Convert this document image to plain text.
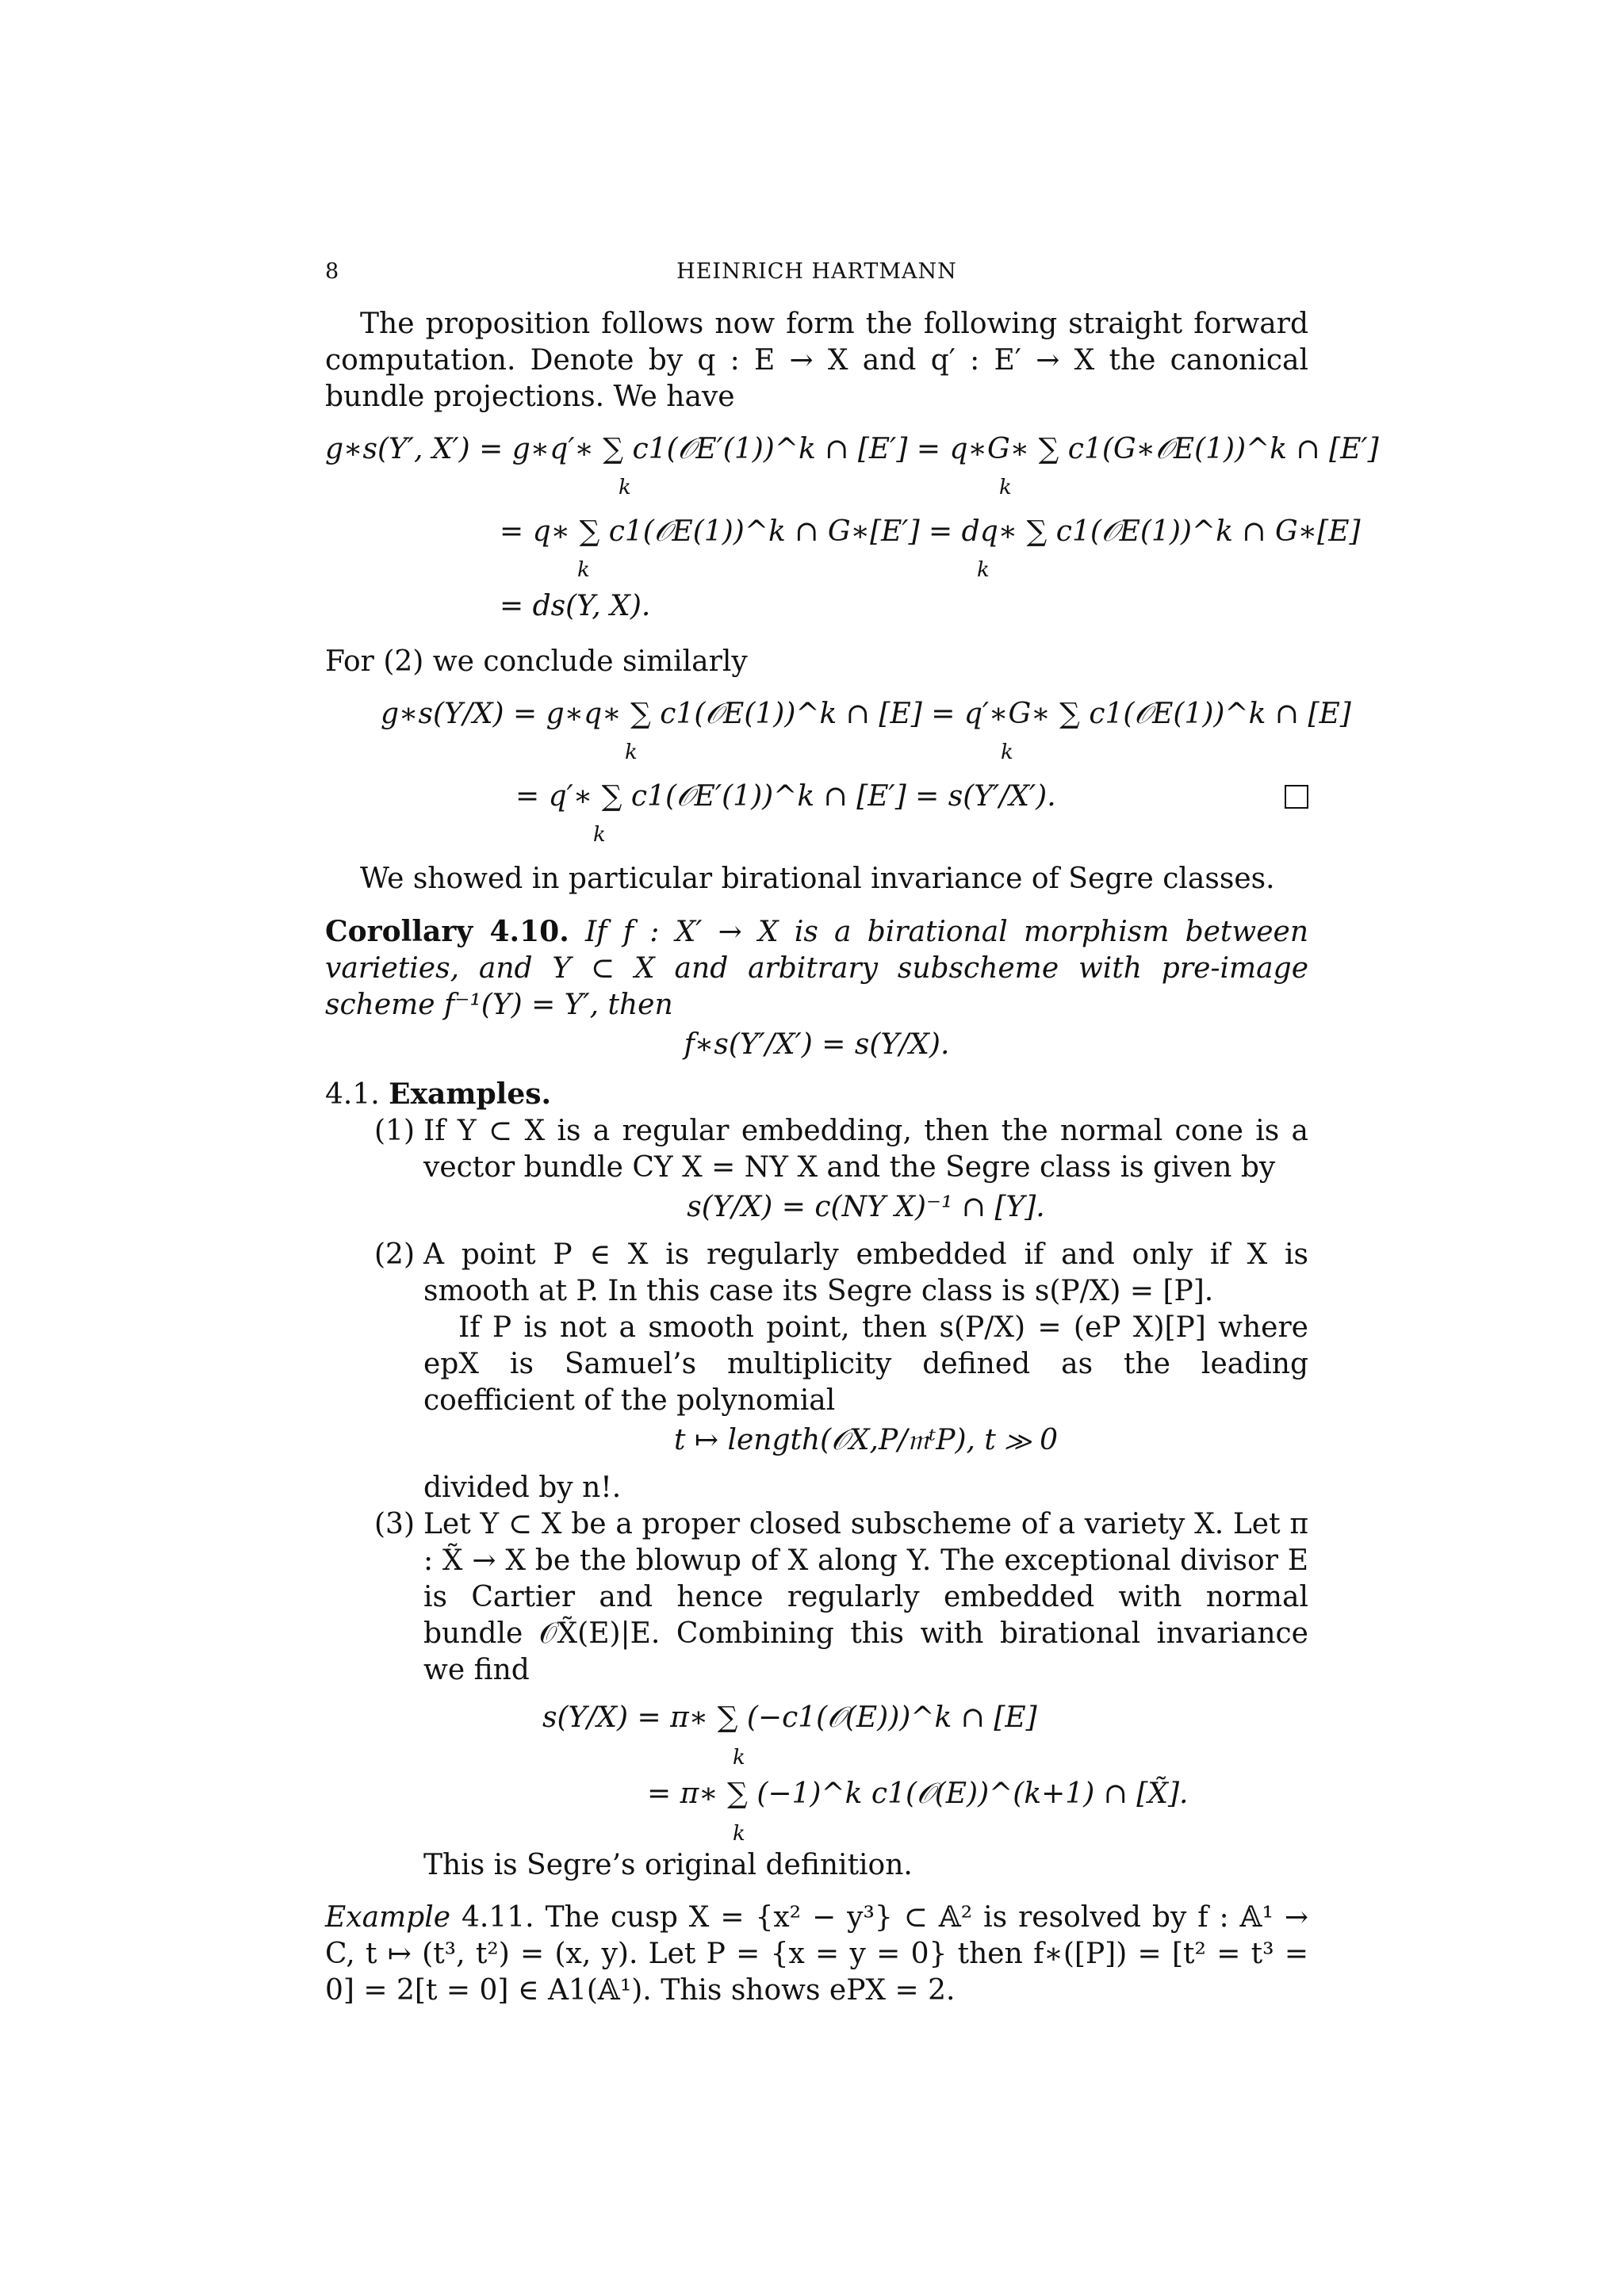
8	HEINRICH HARTMANN

The proposition follows now form the following straight forward computation. Denote by q : E → X and q′ : E′ → X the canonical bundle projections. We have

g∗s(Y′, X′) = g∗q′∗ ∑ c1(𝒪E′(1))^k ∩ [E′] = q∗G∗ ∑ c1(G∗𝒪E(1))^k ∩ [E′]
k	k
= q∗ ∑ c1(𝒪E(1))^k ∩ G∗[E′] = dq∗ ∑ c1(𝒪E(1))^k ∩ G∗[E]
k	k
= ds(Y, X).

For (2) we conclude similarly

g∗s(Y/X) = g∗q∗ ∑ c1(𝒪E(1))^k ∩ [E] = q′∗G∗ ∑ c1(𝒪E(1))^k ∩ [E]
k	k
= q′∗ ∑ c1(𝒪E′(1))^k ∩ [E′] = s(Y′/X′).
k

We showed in particular birational invariance of Segre classes.

Corollary 4.10. If f : X′ → X is a birational morphism between varieties, and Y ⊂ X and arbitrary subscheme with pre-image scheme f⁻¹(Y) = Y′, then

f∗s(Y′/X′) = s(Y/X).
4.1. Examples.
(1) If Y ⊂ X is a regular embedding, then the normal cone is a vector bundle CY X = NY X and the Segre class is given by

s(Y/X) = c(NY X)⁻¹ ∩ [Y].
(2) A point P ∈ X is regularly embedded if and only if X is smooth at P. In this case its Segre class is s(P/X) = [P].

If P is not a smooth point, then s(P/X) = (eP X)[P] where epX is Samuel’s multiplicity defined as the leading coefficient of the polynomial

t ↦ length(𝒪X,P/𝔪ᵗP), t ≫ 0

divided by n!.

(3) Let Y ⊂ X be a proper closed subscheme of a variety X. Let π : X̃ → X be the blowup of X along Y. The exceptional divisor E is Cartier and hence regularly embedded with normal bundle 𝒪X̃(E)|E. Combining this with birational invariance we find

s(Y/X) = π∗ ∑ (−c1(𝒪(E)))^k ∩ [E]
k
= π∗ ∑ (−1)^k c1(𝒪(E))^(k+1) ∩ [X̃].
k

This is Segre’s original definition.

Example 4.11. The cusp X = {x² − y³} ⊂ 𝔸² is resolved by f : 𝔸¹ → C, t ↦ (t³, t²) = (x, y). Let P = {x = y = 0} then f∗([P]) = [t² = t³ = 0] = 2[t = 0] ∈ A1(𝔸¹). This shows ePX = 2.
